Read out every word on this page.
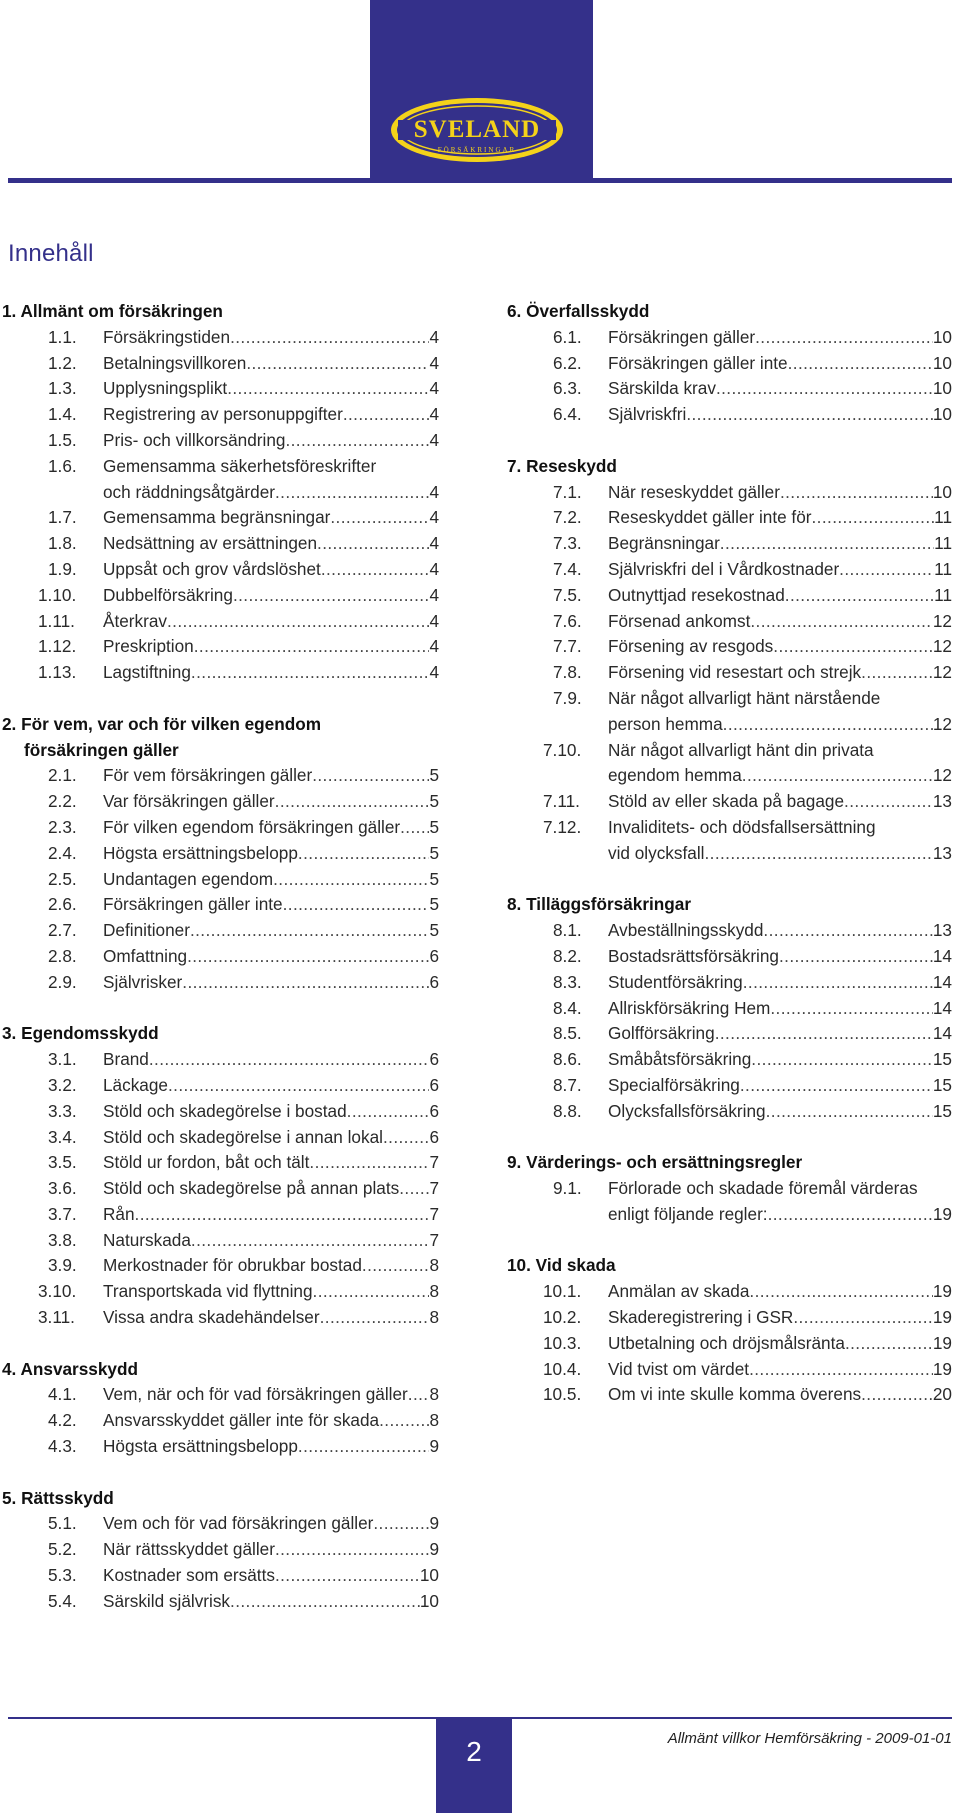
SVELAND
FÖRSÄKRINGAR
Innehåll
1. Allmänt om försäkringen
1.1.	Försäkringstiden .....	4
1.2.	Betalningsvillkoren .....	4
1.3.	Upplysningsplikt .....	4
1.4.	Registrering av personuppgifter .....	4
1.5.	Pris- och villkorsändring .....	4
1.6.	Gemensamma säkerhetsföreskrifter
och räddningsåtgärder .....	4
1.7.	Gemensamma begränsningar .....	4
1.8.	Nedsättning av ersättningen .....	4
1.9.	Uppsåt och grov vårdslöshet .....	4
1.10.	Dubbelförsäkring .....	4
1.11.	Återkrav .....	4
1.12.	Preskription .....	4
1.13.	Lagstiftning .....	4
2. För vem, var och för vilken egendom
försäkringen gäller
2.1.	För vem försäkringen gäller .....	5
2.2.	Var försäkringen gäller .....	5
2.3.	För vilken egendom försäkringen gäller ..... 5
2.4.	Högsta ersättningsbelopp .....	5
2.5.	Undantagen egendom .....	5
2.6.	Försäkringen gäller inte .....	5
2.7.	Definitioner .....	5
2.8.	Omfattning .....	6
2.9.	Självrisker .....	6
3. Egendomsskydd
3.1.	Brand .....	6
3.2.	Läckage .....	6
3.3.	Stöld och skadegörelse i bostad .....	6
3.4.	Stöld och skadegörelse i annan lokal .....	6
3.5.	Stöld ur fordon, båt och tält .....	7
3.6.	Stöld och skadegörelse på annan plats ..... 7
3.7.	Rån .....	7
3.8.	Naturskada .....	7
3.9.	Merkostnader för obrukbar bostad .....	8
3.10.	Transportskada vid flyttning .....	8
3.11.	Vissa andra skadehändelser .....	8
4. Ansvarsskydd
4.1.	Vem, när och för vad försäkringen gäller ..... 8
4.2.	Ansvarsskyddet gäller inte för skada .....	8
4.3.	Högsta ersättningsbelopp .....	9
5. Rättsskydd
5.1.	Vem och för vad försäkringen gäller .....	9
5.2.	När rättsskyddet gäller .....	9
5.3.	Kostnader som ersätts .....	10
5.4.	Särskild självrisk .....	10
6. Överfallsskydd
6.1.	Försäkringen gäller .....	10
6.2.	Försäkringen gäller inte .....	10
6.3.	Särskilda krav .....	10
6.4.	Självriskfri .....	10
7. Reseskydd
7.1.	När reseskyddet gäller .....	10
7.2.	Reseskyddet gäller inte för .....	11
7.3.	Begränsningar .....	11
7.4.	Självriskfri del i Vårdkostnader .....	11
7.5.	Outnyttjad resekostnad .....	11
7.6.	Försenad ankomst .....	12
7.7.	Försening av resgods .....	12
7.8.	Försening vid resestart och strejk .....	12
7.9.	När något allvarligt hänt närstående
person hemma .....	12
7.10.	När något allvarligt hänt din privata
egendom hemma .....	12
7.11.	Stöld av eller skada på bagage .....	13
7.12.	Invaliditets- och dödsfallsersättning
vid olycksfall .....	13
8. Tilläggsförsäkringar
8.1.	Avbeställningsskydd .....	13
8.2.	Bostadsrättsförsäkring .....	14
8.3.	Studentförsäkring .....	14
8.4.	Allriskförsäkring Hem .....	14
8.5.	Golfförsäkring .....	14
8.6.	Småbåtsförsäkring .....	15
8.7.	Specialförsäkring .....	15
8.8.	Olycksfallsförsäkring .....	15
9. Värderings- och ersättningsregler
9.1.	Förlorade och skadade föremål värderas
enligt följande regler: .....	19
10. Vid skada
10.1.	Anmälan av skada .....	19
10.2.	Skaderegistrering i GSR .....	19
10.3.	Utbetalning och dröjsmålsränta .....	19
10.4.	Vid tvist om värdet .....	19
10.5.	Om vi inte skulle komma överens .....	20
2	Allmänt villkor Hemförsäkring - 2009-01-01
